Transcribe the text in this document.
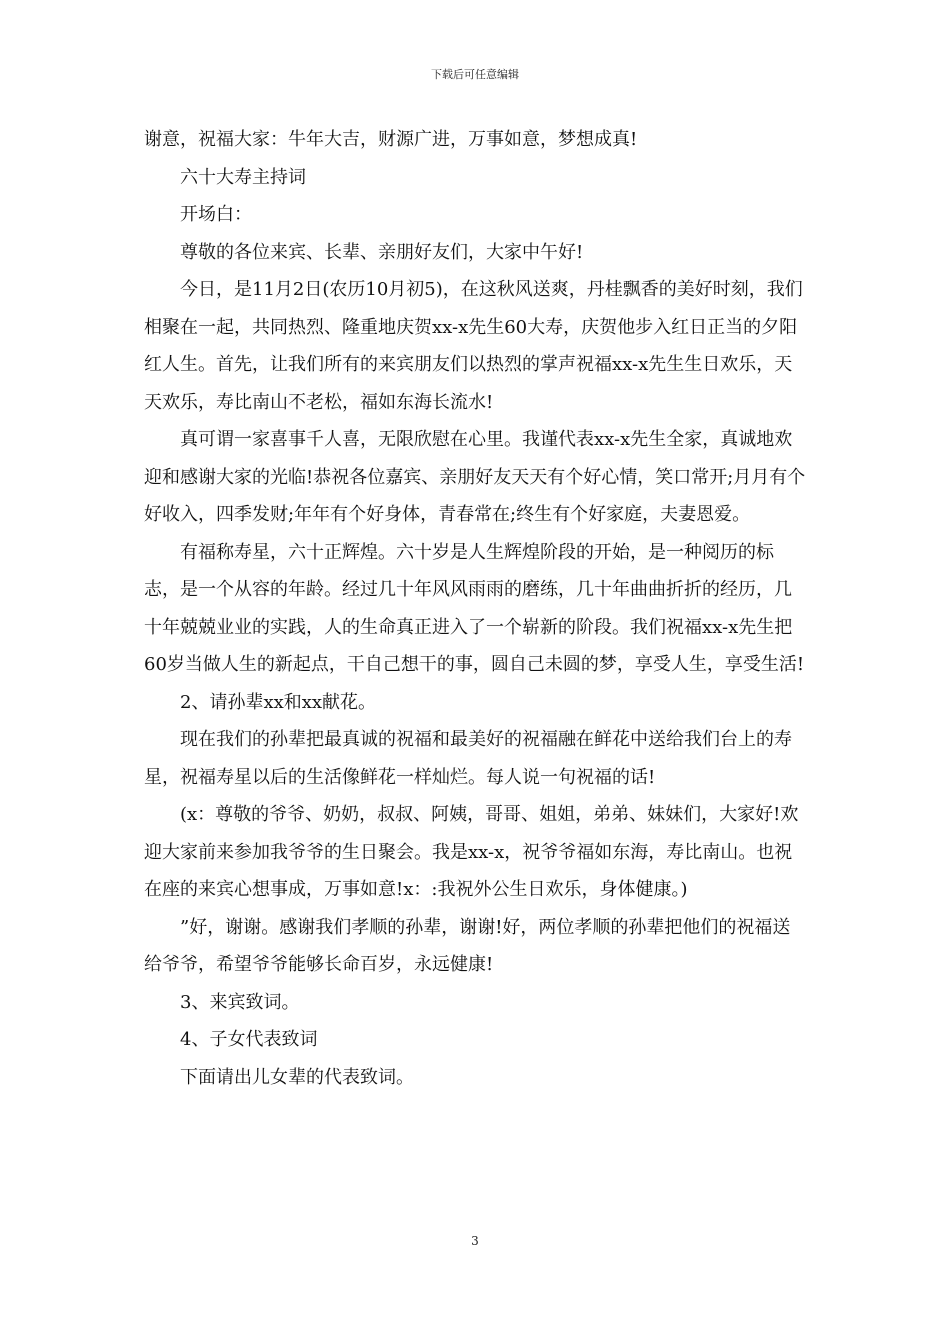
下载后可任意编辑

谢意，祝福大家：牛年大吉，财源广进，万事如意，梦想成真!

六十大寿主持词

开场白：

尊敬的各位来宾、长辈、亲朋好友们，大家中午好!

今日，是11月2日(农历10月初5)，在这秋风送爽，丹桂飘香的美好时刻，我们相聚在一起，共同热烈、隆重地庆贺xx-x先生60大寿，庆贺他步入红日正当的夕阳红人生。首先，让我们所有的来宾朋友们以热烈的掌声祝福xx-x先生生日欢乐，天天欢乐，寿比南山不老松，福如东海长流水!

真可谓一家喜事千人喜，无限欣慰在心里。我谨代表xx-x先生全家，真诚地欢迎和感谢大家的光临!恭祝各位嘉宾、亲朋好友天天有个好心情，笑口常开;月月有个好收入，四季发财;年年有个好身体，青春常在;终生有个好家庭，夫妻恩爱。

有福称寿星，六十正辉煌。六十岁是人生辉煌阶段的开始，是一种阅历的标志，是一个从容的年龄。经过几十年风风雨雨的磨练，几十年曲曲折折的经历，几十年兢兢业业的实践，人的生命真正进入了一个崭新的阶段。我们祝福xx-x先生把60岁当做人生的新起点，干自己想干的事，圆自己未圆的梦，享受人生，享受生活!

2、请孙辈xx和xx献花。

现在我们的孙辈把最真诚的祝福和最美好的祝福融在鲜花中送给我们台上的寿星，祝福寿星以后的生活像鲜花一样灿烂。每人说一句祝福的话!

(x：尊敬的爷爷、奶奶，叔叔、阿姨，哥哥、姐姐，弟弟、妹妹们，大家好!欢迎大家前来参加我爷爷的生日聚会。我是xx-x，祝爷爷福如东海，寿比南山。也祝在座的来宾心想事成，万事如意!x：:我祝外公生日欢乐，身体健康。)

”好，谢谢。感谢我们孝顺的孙辈，谢谢!好，两位孝顺的孙辈把他们的祝福送给爷爷，希望爷爷能够长命百岁，永远健康!

3、来宾致词。

4、子女代表致词

下面请出儿女辈的代表致词。

3
